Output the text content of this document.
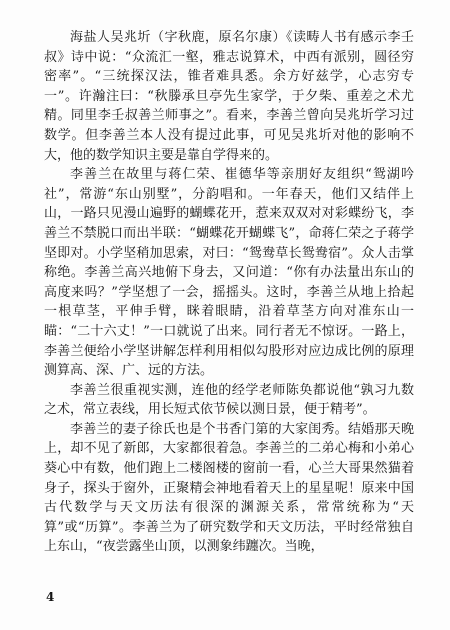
海盐人吴兆圻（字秋鹿，原名尔康）《读畴人书有感示李壬叔》诗中说：“众流汇一壑，雅志说算术，中西有派别，圆径穷密率”。“三统探汉法，锥者难具悉。余方好兹学，心志穷专一”。许瀚注曰：“秋滕承旦亭先生家学，于夕柴、重差之术尤精。同里李壬叔善兰师事之”。看来，李善兰曾向吴兆圻学习过数学。但李善兰本人没有提过此事，可见吴兆圻对他的影响不大，他的数学知识主要是靠自学得来的。

李善兰在故里与蒋仁荣、崔德华等亲朋好友组织“鸳湖吟社”，常游“东山别墅”，分韵唱和。一年春天，他们又结伴上山，一路只见漫山遍野的蝴蝶花开，惹来双双对对彩蝶纷飞，李善兰不禁脱口而出半联：“蝴蝶花开蝴蝶飞”，命蒋仁荣之子蒋学坚即对。小学坚稍加思索，对曰：“鸳鸯草长鸳鸯宿”。众人击掌称绝。李善兰高兴地俯下身去，又问道：“你有办法量出东山的高度来吗？”学坚想了一会，摇摇头。这时，李善兰从地上拾起一根草茎，平伸手臂，眯着眼睛，沿着草茎方向对准东山一瞄：“二十六丈！”一口就说了出来。同行者无不惊讶。一路上，李善兰便给小学坚讲解怎样利用相似勾股形对应边成比例的原理测算高、深、广、远的方法。

李善兰很重视实测，连他的经学老师陈奂都说他“孰习九数之术，常立表线，用长短式依节候以测日景，便于精考”。

李善兰的妻子徐氏也是个书香门第的大家闺秀。结婚那天晚上，却不见了新郎，大家都很着急。李善兰的二弟心梅和小弟心葵心中有数，他们跑上二楼阁楼的窗前一看，心兰大哥果然猫着身子，探头于窗外，正聚精会神地看着天上的星星呢！原来中国古代数学与天文历法有很深的渊源关系，常常统称为“天算”或“历算”。李善兰为了研究数学和天文历法，平时经常独自上东山，“夜尝露坐山顶，以测象纬躔次。当晚，

4
